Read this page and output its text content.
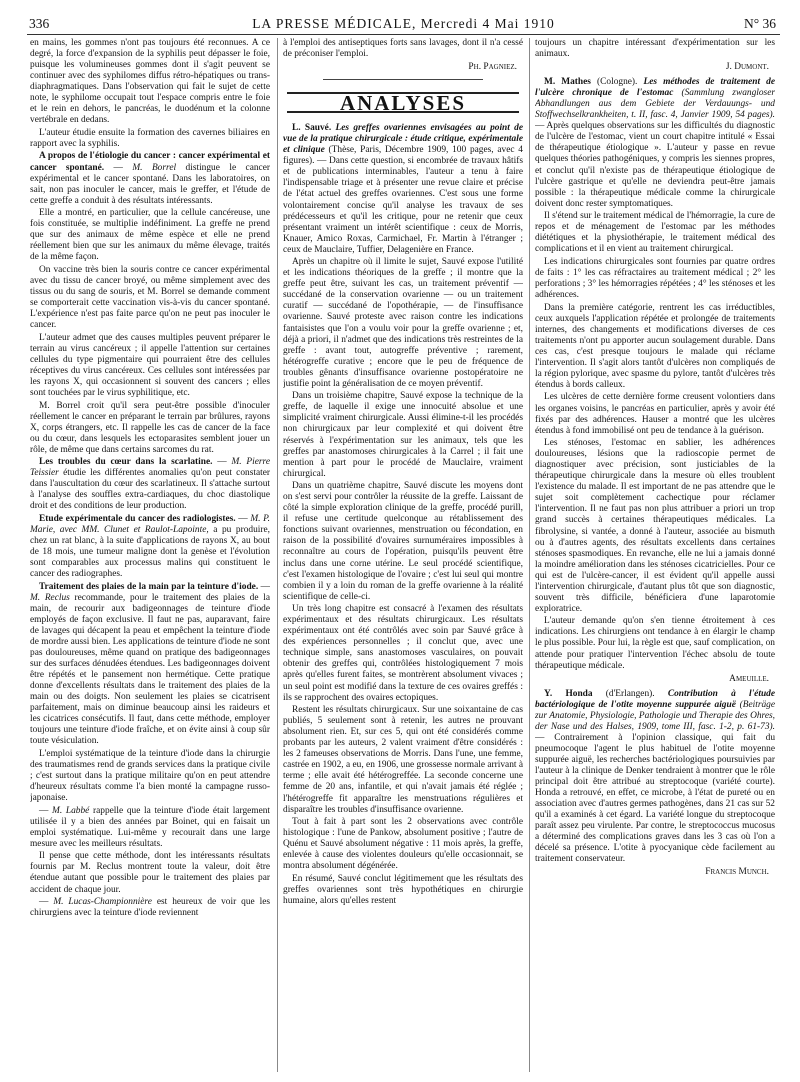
336	LA PRESSE MÉDICALE, Mercredi 4 Mai 1910	N° 36

en mains, les gommes n'ont pas toujours été reconnues. A ce degré, la force d'expansion de la syphilis peut dépasser le foie, puisque les volumineuses gommes dont il s'agit peuvent se continuer avec des syphilomes diffus rétro-hépatiques ou trans-diaphragmatiques. Dans l'observation qui fait le sujet de cette note, le syphilome occupait tout l'espace compris entre le foie et le rein en dehors, le pancréas, le duodénum et la colonne vertébrale en dedans.

L'auteur étudie ensuite la formation des cavernes biliaires en rapport avec la syphilis.

A propos de l'étiologie du cancer : cancer expérimental et cancer spontané. — M. Borrel distingue le cancer expérimental et le cancer spontané. Dans les laboratoires, on sait, non pas inoculer le cancer, mais le greffer, et l'étude de cette greffe a conduit à des résultats intéressants.

Elle a montré, en particulier, que la cellule cancéreuse, une fois constituée, se multiplie indéfiniment. La greffe ne prend que sur des animaux de même espèce et elle ne prend réellement bien que sur les animaux du même élevage, traités de la même façon.

On vaccine très bien la souris contre ce cancer expérimental avec du tissu de cancer broyé, ou même simplement avec des tissus ou du sang de souris, et M. Borrel se demande comment se comporterait cette vaccination vis-à-vis du cancer spontané. L'expérience n'est pas faite parce qu'on ne peut pas inoculer le cancer.

L'auteur admet que des causes multiples peuvent préparer le terrain au virus cancéreux ; il appelle l'attention sur certaines cellules du type pigmentaire qui pourraient être des cellules réceptives du virus cancéreux. Ces cellules sont intéressées par les rayons X, qui occasionnent si souvent des cancers ; elles sont touchées par le virus syphilitique, etc.

M. Borrel croit qu'il sera peut-être possible d'inoculer réellement le cancer en préparant le terrain par brûlures, rayons X, corps étrangers, etc. Il rappelle les cas de cancer de la face ou du cœur, dans lesquels les ectoparasites semblent jouer un rôle, de même que dans certains sarcomes du rat.

Les troubles du cœur dans la scarlatine. — M. Pierre Teissier étudie les différentes anomalies qu'on peut constater dans l'auscultation du cœur des scarlatineux. Il s'attache surtout à l'analyse des souffles extra-cardiaques, du choc diastolique droit et des conditions de leur production.

Etude expérimentale du cancer des radiologistes. — M. P. Marie, avec MM. Clunet et Raulot-Lapointe, a pu produire, chez un rat blanc, à la suite d'applications de rayons X, au bout de 18 mois, une tumeur maligne dont la genèse et l'évolution sont comparables aux processus malins qui constituent le cancer des radiographes.

Traitement des plaies de la main par la teinture d'iode. — M. Reclus recommande, pour le traitement des plaies de la main, de recourir aux badigeonnages de teinture d'iode employés de façon exclusive. Il faut ne pas, auparavant, faire de lavages qui décapent la peau et empêchent la teinture d'iode de mordre aussi bien. Les applications de teinture d'iode ne sont pas douloureuses, même quand on pratique des badigeonnages sur des surfaces dénudées étendues. Les badigeonnages doivent être répétés et le pansement non hermétique. Cette pratique donne d'excellents résultats dans le traitement des plaies de la main ou des doigts. Non seulement les plaies se cicatrisent parfaitement, mais on diminue beaucoup ainsi les raideurs et les cicatrices consécutifs. Il faut, dans cette méthode, employer toujours une teinture d'iode fraîche, et on évite ainsi à coup sûr toute vésiculation.

L'emploi systématique de la teinture d'iode dans la chirurgie des traumatismes rend de grands services dans la pratique civile ; c'est surtout dans la pratique militaire qu'on en peut attendre d'heureux résultats comme l'a bien monté la campagne russo-japonaise.

— M. Labbé rappelle que la teinture d'iode était largement utilisée il y a bien des années par Boinet, qui en faisait un emploi systématique. Lui-même y recourait dans une large mesure avec les meilleurs résultats.

Il pense que cette méthode, dont les intéressants résultats fournis par M. Reclus montrent toute la valeur, doit être étendue autant que possible pour le traitement des plaies par accident de chaque jour.

— M. Lucas-Championnière est heureux de voir que les chirurgiens avec la teinture d'iode reviennent

à l'emploi des antiseptiques forts sans lavages, dont il n'a cessé de préconiser l'emploi.

Ph. Pagniez.

ANALYSES

L. Sauvé. Les greffes ovariennes envisagées au point de vue de la pratique chirurgicale : étude critique, expérimentale et clinique (Thèse, Paris, Décembre 1909, 100 pages, avec 4 figures). — Dans cette question, si encombrée de travaux hâtifs et de publications interminables, l'auteur a tenu à faire l'indispensable triage et à présenter une revue claire et précise de l'état actuel des greffes ovariennes. C'est sous une forme volontairement concise qu'il analyse les travaux de ses prédécesseurs et qu'il les critique, pour ne retenir que ceux présentant vraiment un intérêt scientifique : ceux de Morris, Knauer, Amico Roxas, Carmichael, Fr. Martin à l'étranger ; ceux de Mauclaire, Tuffier, Delagenière en France.

Après un chapitre où il limite le sujet, Sauvé expose l'utilité et les indications théoriques de la greffe ; il montre que la greffe peut être, suivant les cas, un traitement préventif — succédané de la conservation ovarienne — ou un traitement curatif — succédané de l'opothérapie, — de l'insuffisance ovarienne. Sauvé proteste avec raison contre les indications fantaisistes que l'on a voulu voir pour la greffe ovarienne ; et, déjà a priori, il n'admet que des indications très restreintes de la greffe : avant tout, autogreffe préventive ; rarement, hétérogreffe curative ; encore que le peu de fréquence de troubles gênants d'insuffisance ovarienne postopératoire ne justifie point la généralisation de ce moyen préventif.

Dans un troisième chapitre, Sauvé expose la technique de la greffe, de laquelle il exige une innocuité absolue et une simplicité vraiment chirurgicale. Aussi élimine-t-il les procédés non chirurgicaux par leur complexité et qui doivent être réservés à l'expérimentation sur les animaux, tels que les greffes par anastomoses chirurgicales à la Carrel ; il fait une mention à part pour le procédé de Mauclaire, vraiment chirurgical.

Dans un quatrième chapitre, Sauvé discute les moyens dont on s'est servi pour contrôler la réussite de la greffe. Laissant de côté la simple exploration clinique de la greffe, procédé purill, il refuse une certitude quelconque au rétablissement des fonctions suivant ovariennes, menstruation ou fécondation, en raison de la possibilité d'ovaires surnuméraires impossibles à reconnaître au cours de l'opération, puisqu'ils peuvent être inclus dans une corne utérine. Le seul procédé scientifique, c'est l'examen histologique de l'ovaire ; c'est lui seul qui montre combien il y a loin du roman de la greffe ovarienne à la réalité scientifique de celle-ci.

Un très long chapitre est consacré à l'examen des résultats expérimentaux et des résultats chirurgicaux. Les résultats expérimentaux ont été contrôlés avec soin par Sauvé grâce à des expériences personnelles ; il conclut que, avec une technique simple, sans anastomoses vasculaires, on pouvait obtenir des greffes qui, contrôlées histologiquement 7 mois après qu'elles furent faites, se montrèrent absolument vivaces ; un seul point est modifié dans la texture de ces ovaires greffés : ils se rapprochent des ovaires ectopiques.

Restent les résultats chirurgicaux. Sur une soixantaine de cas publiés, 5 seulement sont à retenir, les autres ne prouvant absolument rien. Et, sur ces 5, qui ont été considérés comme probants par les auteurs, 2 valent vraiment d'être considérés : les 2 fameuses observations de Morris. Dans l'une, une femme, castrée en 1902, a eu, en 1906, une grossesse normale arrivant à terme ; elle avait été hétérogreffée. La seconde concerne une femme de 20 ans, infantile, et qui n'avait jamais été réglée ; l'hétérogreffe fit apparaître les menstruations régulières et disparaître les troubles d'insuffisance ovarienne.

Tout à fait à part sont les 2 observations avec contrôle histologique : l'une de Pankow, absolument positive ; l'autre de Quénu et Sauvé absolument négative : 11 mois après, la greffe, enlevée à cause des violentes douleurs qu'elle occasionnait, se montra absolument dégénérée.

En résumé, Sauvé conclut légitimement que les résultats des greffes ovariennes sont très hypothétiques en chirurgie humaine, alors qu'elles restent

toujours un chapitre intéressant d'expérimentation sur les animaux.

J. Dumont.

M. Mathes (Cologne). Les méthodes de traitement de l'ulcère chronique de l'estomac (Sammlung zwangloser Abhandlungen aus dem Gebiete der Verdauungs- und Stoffwechselkrankheiten, t. II, fasc. 4, Janvier 1909, 54 pages). — Après quelques observations sur les difficultés du diagnostic de l'ulcère de l'estomac, vient un court chapitre intitulé « Essai de thérapeutique étiologique ». L'auteur y passe en revue quelques théories pathogéniques, y compris les siennes propres, et conclut qu'il n'existe pas de thérapeutique étiologique de l'ulcère gastrique et qu'elle ne deviendra peut-être jamais possible : la thérapeutique médicale comme la chirurgicale doivent donc rester symptomatiques.

Il s'étend sur le traitement médical de l'hémorragie, la cure de repos et de ménagement de l'estomac par les méthodes diététiques et la physiothérapie, le traitement médical des complications et il en vient au traitement chirurgical.

Les indications chirurgicales sont fournies par quatre ordres de faits : 1° les cas réfractaires au traitement médical ; 2° les perforations ; 3° les hémorragies répétées ; 4° les sténoses et les adhérences.

Dans la première catégorie, rentrent les cas irréductibles, ceux auxquels l'application répétée et prolongée de traitements internes, des changements et modifications diverses de ces traitements n'ont pu apporter aucun soulagement durable. Dans ces cas, c'est presque toujours le malade qui réclame l'intervention. Il s'agit alors tantôt d'ulcères non compliqués de la région pylorique, avec spasme du pylore, tantôt d'ulcères très étendus à bords calleux.

Les ulcères de cette dernière forme creusent volontiers dans les organes voisins, le pancréas en particulier, après y avoir été fixés par des adhérences. Hauser a montré que les ulcères étendus à fond immobilisé ont peu de tendance à la guérison.

Les sténoses, l'estomac en sablier, les adhérences douloureuses, lésions que la radioscopie permet de diagnostiquer avec précision, sont justiciables de la thérapeutique chirurgicale dans la mesure où elles troublent l'existence du malade. Il est important de ne pas attendre que le sujet soit complètement cachectique pour réclamer l'intervention. Il ne faut pas non plus attribuer a priori un trop grand succès à certaines thérapeutiques médicales. La fibrolysine, si vantée, a donné à l'auteur, associée au bismuth ou à d'autres agents, des résultats excellents dans certaines sténoses spasmodiques. En revanche, elle ne lui a jamais donné la moindre amélioration dans les sténoses cicatricielles. Pour ce qui est de l'ulcère-cancer, il est évident qu'il appelle aussi l'intervention chirurgicale, d'autant plus tôt que son diagnostic, souvent très difficile, bénéficiera d'une laparotomie exploratrice.

L'auteur demande qu'on s'en tienne étroitement à ces indications. Les chirurgiens ont tendance à en élargir le champ le plus possible. Pour lui, la règle est que, sauf complication, on attende pour pratiquer l'intervention l'échec absolu de toute thérapeutique médicale.

Ameuille.

Y. Honda (d'Erlangen). Contribution à l'étude bactériologique de l'otite moyenne suppurée aiguë (Beiträge zur Anatomie, Physiologie, Pathologie und Therapie des Ohres, der Nase und des Halses, 1909, tome III, fasc. 1-2, p. 61-73). — Contrairement à l'opinion classique, qui fait du pneumocoque l'agent le plus habituel de l'otite moyenne suppurée aiguë, les recherches bactériologiques poursuivies par l'auteur à la clinique de Denker tendraient à montrer que le rôle principal doit être attribué au streptocoque (variété courte). Honda a retrouvé, en effet, ce microbe, à l'état de pureté ou en association avec d'autres germes pathogènes, dans 21 cas sur 52 qu'il a examinés à cet égard. La variété longue du streptocoque paraît assez peu virulente. Par contre, le streptococcus mucosus a déterminé des complications graves dans les 3 cas où l'on a décelé sa présence. L'otite à pyocyanique cède facilement au traitement conservateur.

Francis Munch.
